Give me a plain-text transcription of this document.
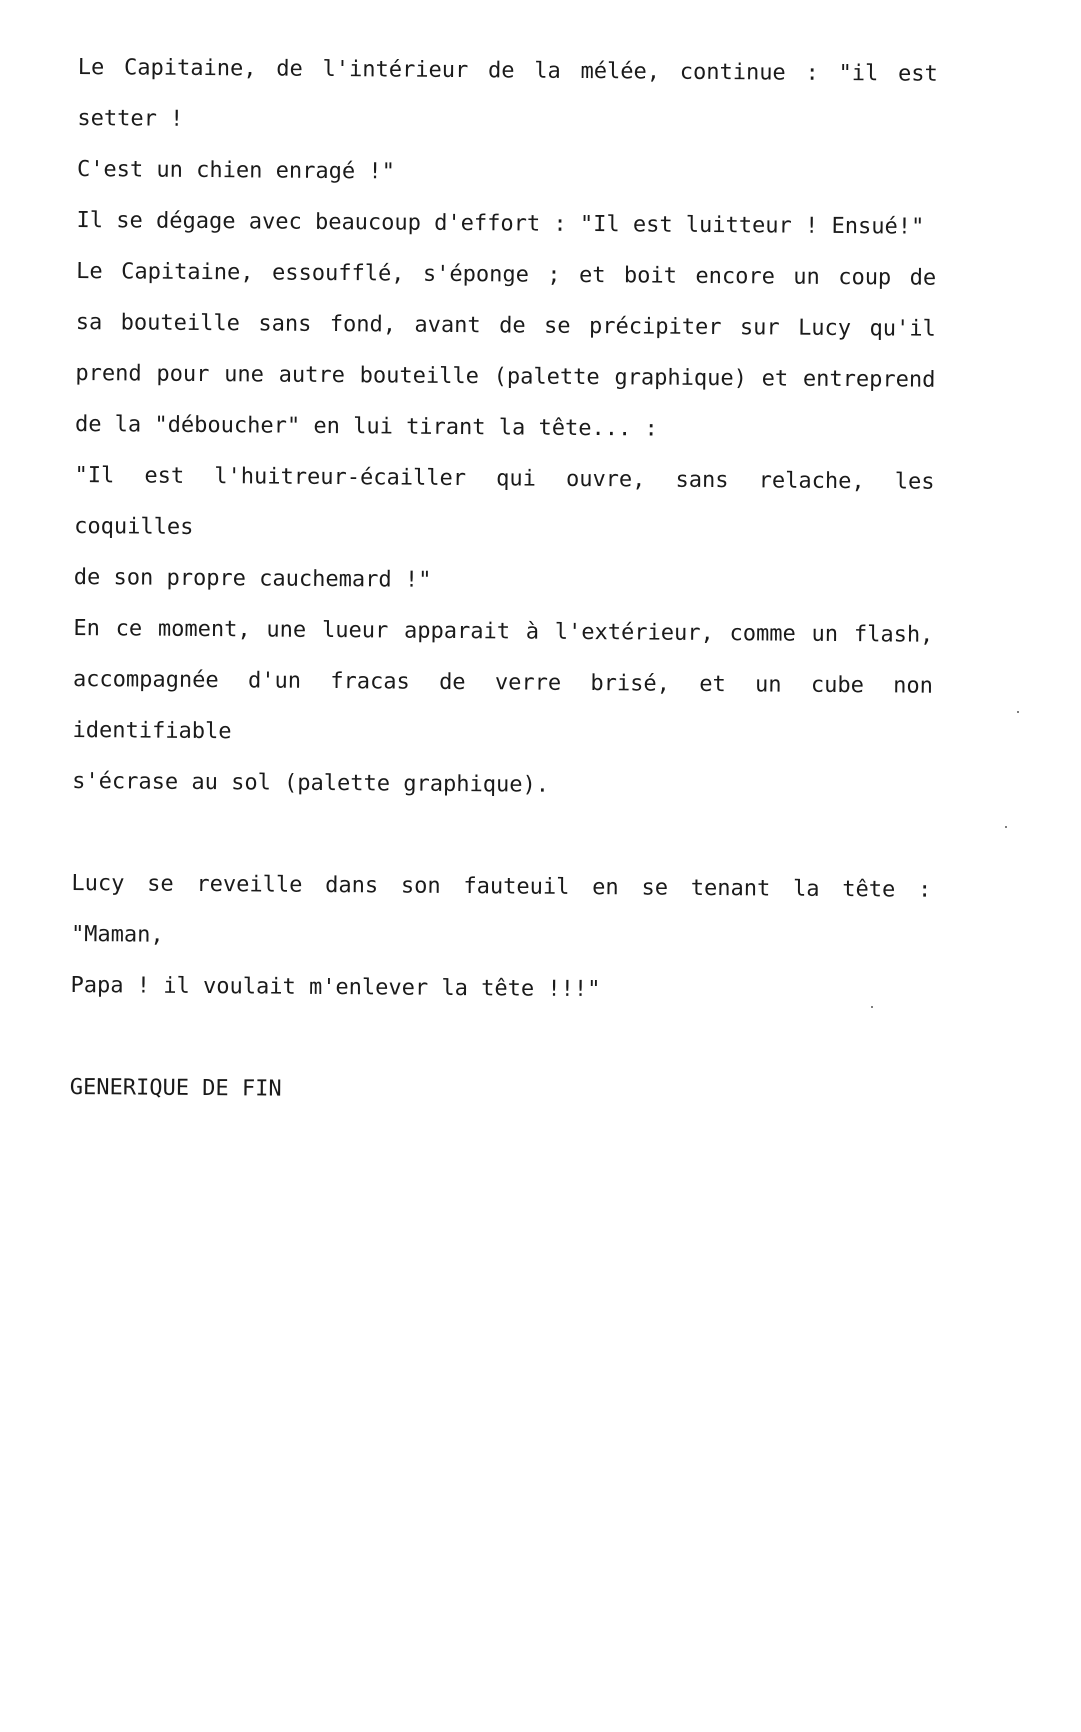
Le Capitaine, de l'intérieur de la mélée, continue : "il est
setter !
C'est un chien enragé !"
Il se dégage avec beaucoup d'effort : "Il est luitteur ! Ensué!"
Le Capitaine, essoufflé, s'éponge ; et boit encore un coup de
sa bouteille sans fond, avant de se précipiter sur Lucy qu'il
prend pour une autre bouteille (palette graphique) et entreprend
de la "déboucher" en lui tirant la tête... :
"Il est l'huitreur-écailler qui ouvre, sans relache, les coquilles
de son propre cauchemard !"
En ce moment, une lueur apparait à l'extérieur, comme un flash,
accompagnée d'un fracas de verre brisé, et un cube non identifiable
s'écrase au sol (palette graphique).
Lucy se reveille dans son fauteuil en se tenant la tête : "Maman,
Papa ! il voulait m'enlever la tête !!!"
GENERIQUE DE FIN
